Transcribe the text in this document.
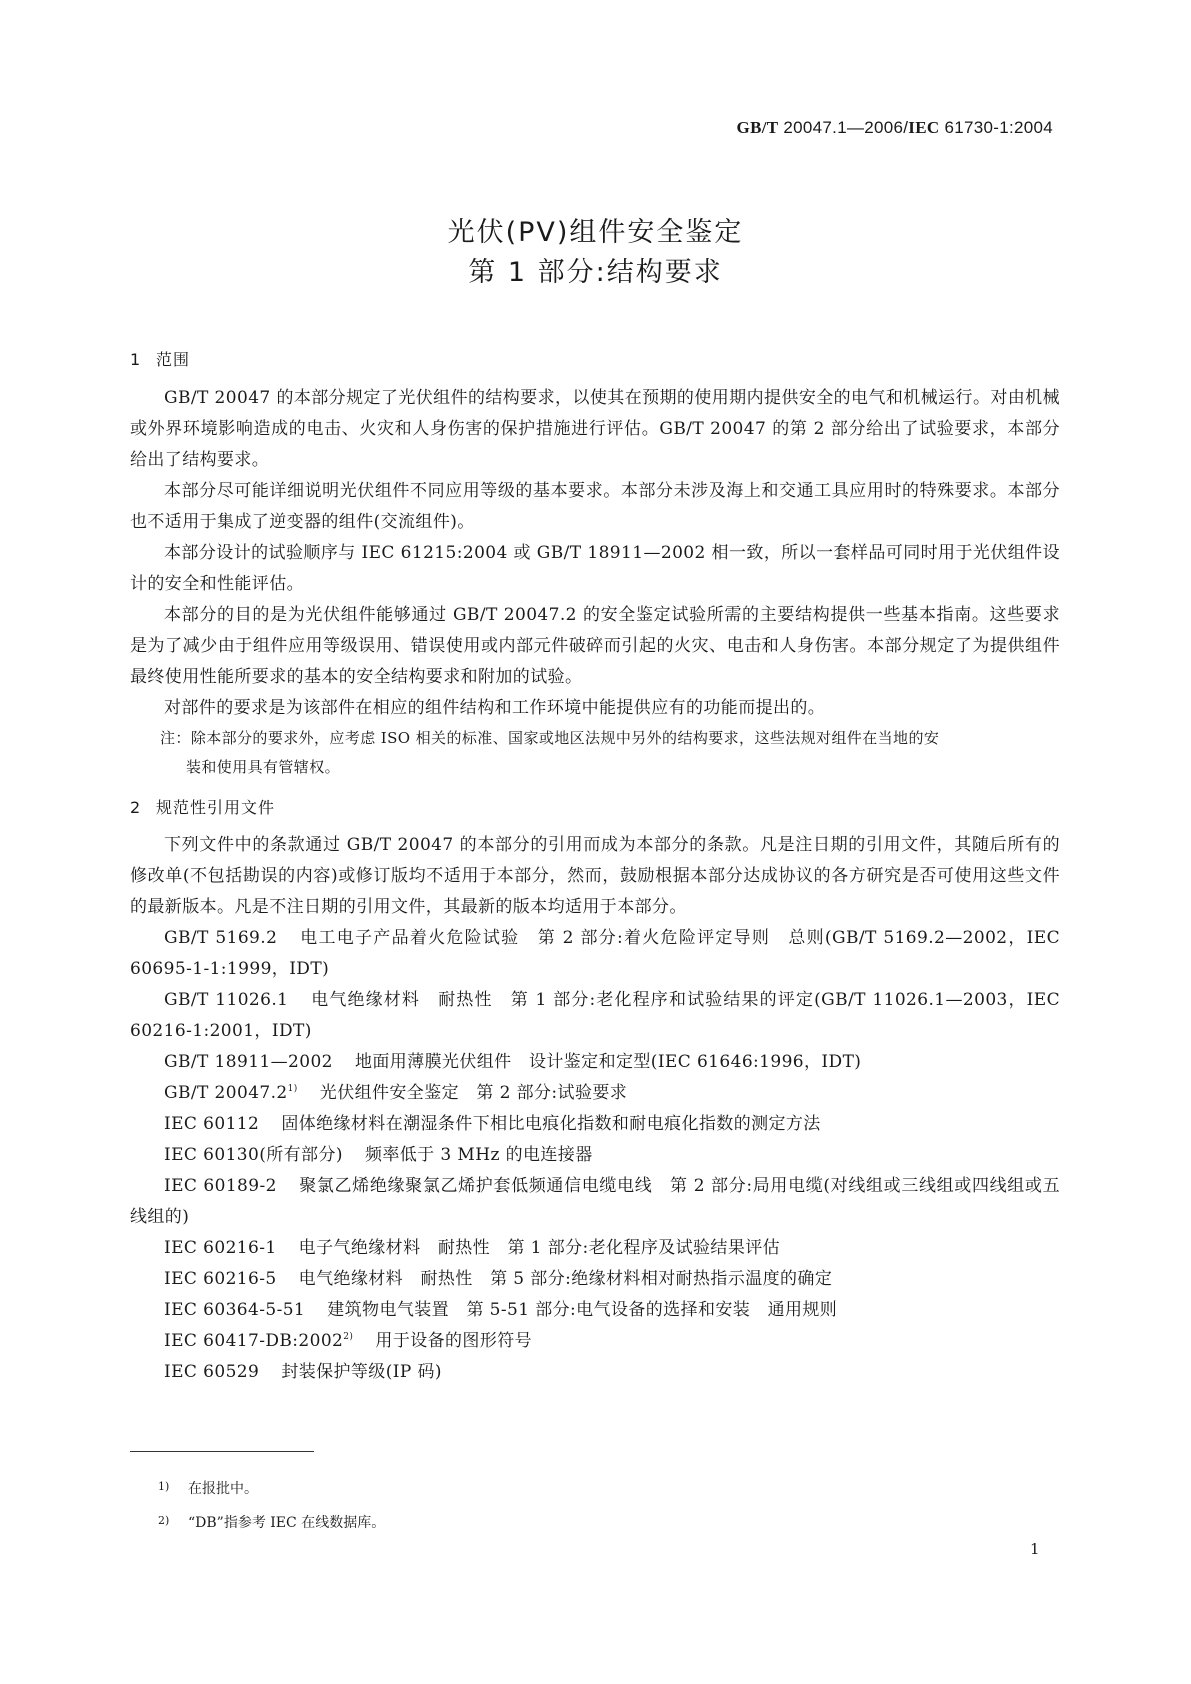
GB/T 20047.1—2006/IEC 61730-1:2004
光伏(PV)组件安全鉴定
第 1 部分:结构要求
1 范围

GB/T 20047 的本部分规定了光伏组件的结构要求，以使其在预期的使用期内提供安全的电气和机械运行。对由机械或外界环境影响造成的电击、火灾和人身伤害的保护措施进行评估。GB/T 20047 的第 2 部分给出了试验要求，本部分给出了结构要求。

本部分尽可能详细说明光伏组件不同应用等级的基本要求。本部分未涉及海上和交通工具应用时的特殊要求。本部分也不适用于集成了逆变器的组件(交流组件)。

本部分设计的试验顺序与 IEC 61215:2004 或 GB/T 18911—2002 相一致，所以一套样品可同时用于光伏组件设计的安全和性能评估。

本部分的目的是为光伏组件能够通过 GB/T 20047.2 的安全鉴定试验所需的主要结构提供一些基本指南。这些要求是为了减少由于组件应用等级误用、错误使用或内部元件破碎而引起的火灾、电击和人身伤害。本部分规定了为提供组件最终使用性能所要求的基本的安全结构要求和附加的试验。

对部件的要求是为该部件在相应的组件结构和工作环境中能提供应有的功能而提出的。

注：除本部分的要求外，应考虑 ISO 相关的标准、国家或地区法规中另外的结构要求，这些法规对组件在当地的安
装和使用具有管辖权。

2 规范性引用文件

下列文件中的条款通过 GB/T 20047 的本部分的引用而成为本部分的条款。凡是注日期的引用文件，其随后所有的修改单(不包括勘误的内容)或修订版均不适用于本部分，然而，鼓励根据本部分达成协议的各方研究是否可使用这些文件的最新版本。凡是不注日期的引用文件，其最新的版本均适用于本部分。

GB/T 5169.2 电工电子产品着火危险试验　第 2 部分:着火危险评定导则　总则(GB/T 5169.2—2002，IEC 60695-1-1:1999，IDT)

GB/T 11026.1 电气绝缘材料　耐热性　第 1 部分:老化程序和试验结果的评定(GB/T 11026.1—2003，IEC 60216-1:2001，IDT)

GB/T 18911—2002 地面用薄膜光伏组件　设计鉴定和定型(IEC 61646:1996，IDT)

GB/T 20047.2$^{1)}$ 光伏组件安全鉴定　第 2 部分:试验要求

IEC 60112 固体绝缘材料在潮湿条件下相比电痕化指数和耐电痕化指数的测定方法

IEC 60130(所有部分) 频率低于 3 MHz 的电连接器

IEC 60189-2 聚氯乙烯绝缘聚氯乙烯护套低频通信电缆电线　第 2 部分:局用电缆(对线组或三线组或四线组或五线组的)

IEC 60216-1 电子气绝缘材料　耐热性　第 1 部分:老化程序及试验结果评估

IEC 60216-5 电气绝缘材料　耐热性　第 5 部分:绝缘材料相对耐热指示温度的确定

IEC 60364-5-51 建筑物电气装置　第 5-51 部分:电气设备的选择和安装　通用规则

IEC 60417-DB:2002$^{2)}$ 用于设备的图形符号

IEC 60529 封装保护等级(IP 码)

1) 在报批中。
2) “DB”指参考 IEC 在线数据库。
1
